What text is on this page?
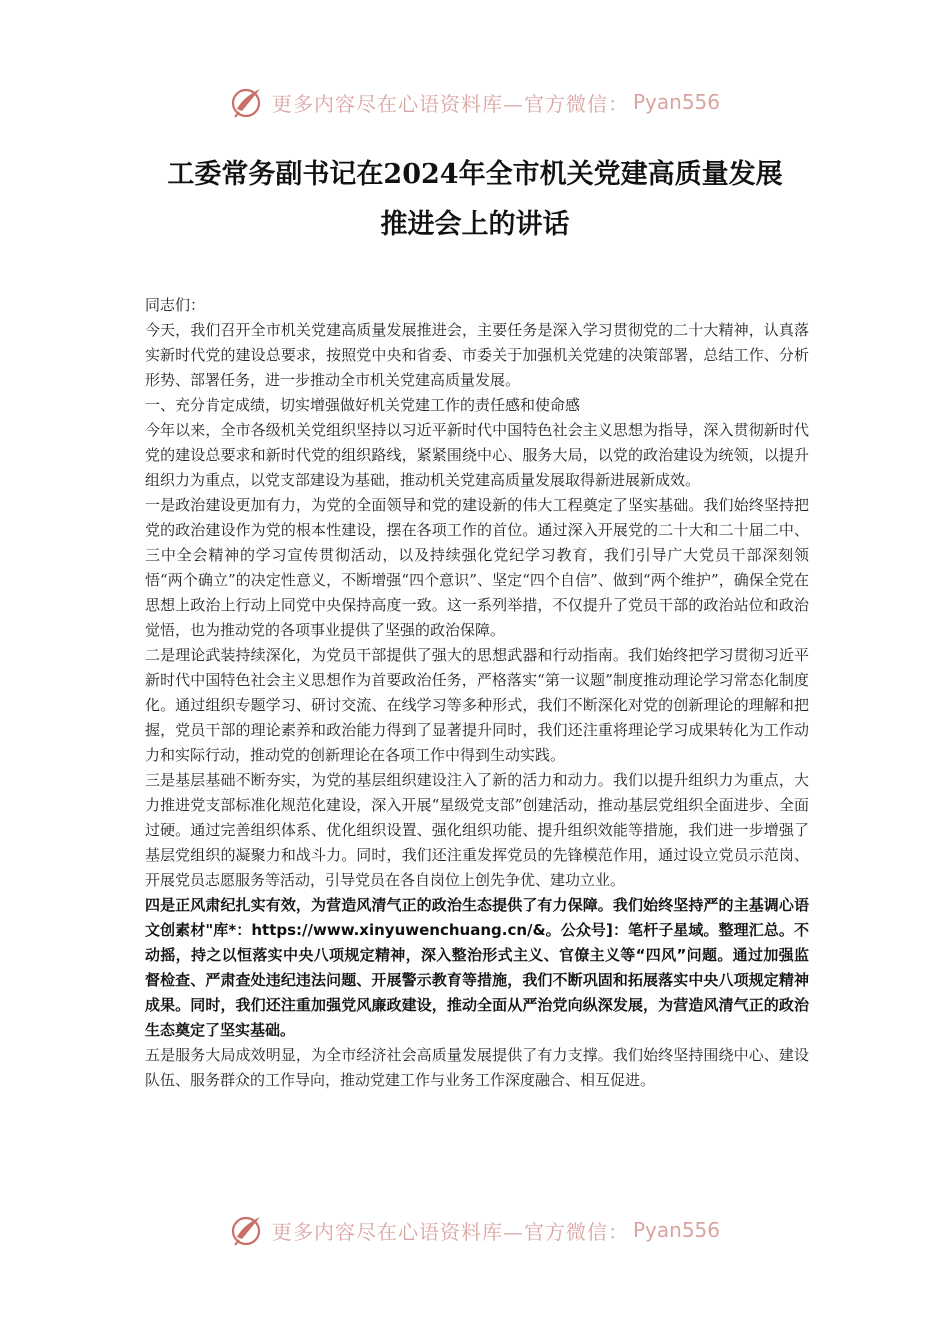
更多内容尽在心语资料库—官方微信： Pyan556
工委常务副书记在2024年全市机关党建高质量发展
推进会上的讲话

同志们：

今天，我们召开全市机关党建高质量发展推进会，主要任务是深入学习贯彻党的二十大精神，认真落实新时代党的建设总要求，按照党中央和省委、市委关于加强机关党建的决策部署，总结工作、分析形势、部署任务，进一步推动全市机关党建高质量发展。

一、充分肯定成绩，切实增强做好机关党建工作的责任感和使命感

今年以来，全市各级机关党组织坚持以习近平新时代中国特色社会主义思想为指导，深入贯彻新时代党的建设总要求和新时代党的组织路线，紧紧围绕中心、服务大局，以党的政治建设为统领，以提升组织力为重点，以党支部建设为基础，推动机关党建高质量发展取得新进展新成效。

一是政治建设更加有力，为党的全面领导和党的建设新的伟大工程奠定了坚实基础。我们始终坚持把党的政治建设作为党的根本性建设，摆在各项工作的首位。通过深入开展党的二十大和二十届二中、三中全会精神的学习宣传贯彻活动，以及持续强化党纪学习教育，我们引导广大党员干部深刻领悟“两个确立”的决定性意义，不断增强“四个意识”、坚定“四个自信”、做到“两个维护”，确保全党在思想上政治上行动上同党中央保持高度一致。这一系列举措，不仅提升了党员干部的政治站位和政治觉悟，也为推动党的各项事业提供了坚强的政治保障。

二是理论武装持续深化，为党员干部提供了强大的思想武器和行动指南。我们始终把学习贯彻习近平新时代中国特色社会主义思想作为首要政治任务，严格落实“第一议题”制度推动理论学习常态化制度化。通过组织专题学习、研讨交流、在线学习等多种形式，我们不断深化对党的创新理论的理解和把握，党员干部的理论素养和政治能力得到了显著提升同时，我们还注重将理论学习成果转化为工作动力和实际行动，推动党的创新理论在各项工作中得到生动实践。

三是基层基础不断夯实，为党的基层组织建设注入了新的活力和动力。我们以提升组织力为重点，大力推进党支部标准化规范化建设，深入开展“星级党支部”创建活动，推动基层党组织全面进步、全面过硬。通过完善组织体系、优化组织设置、强化组织功能、提升组织效能等措施，我们进一步增强了基层党组织的凝聚力和战斗力。同时，我们还注重发挥党员的先锋模范作用，通过设立党员示范岗、开展党员志愿服务等活动，引导党员在各自岗位上创先争优、建功立业。

四是正风肃纪扎实有效，为营造风清气正的政治生态提供了有力保障。我们始终坚持严的主基调心语文创素材"库*：https://www.xinyuwenchuang.cn/&。公众号]：笔杆子星域。整理汇总。不动摇，持之以恒落实中央八项规定精神，深入整治形式主义、官僚主义等“四风”问题。通过加强监督检查、严肃查处违纪违法问题、开展警示教育等措施，我们不断巩固和拓展落实中央八项规定精神成果。同时，我们还注重加强党风廉政建设，推动全面从严治党向纵深发展，为营造风清气正的政治生态奠定了坚实基础。

五是服务大局成效明显，为全市经济社会高质量发展提供了有力支撑。我们始终坚持围绕中心、建设队伍、服务群众的工作导向，推动党建工作与业务工作深度融合、相互促进。

更多内容尽在心语资料库—官方微信： Pyan556
